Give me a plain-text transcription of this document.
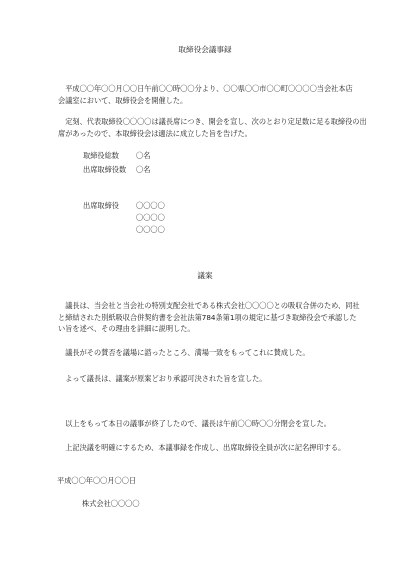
取締役会議事録
　平成〇〇年〇〇月〇〇日午前〇〇時〇〇分より、〇〇県〇〇市〇〇町〇〇〇〇当会社本店
会議室において、取締役会を開催した。
　定刻、代表取締役〇〇〇〇は議長席につき、開会を宣し、次のとおり定足数に足る取締役の出
席があったので、本取締役会は適法に成立した旨を告げた。
取締役総数 〇名
出席取締役数 〇名
出席取締役 〇〇〇〇
〇〇〇〇
〇〇〇〇
議案
　議長は、当会社と当会社の特別支配会社である株式会社〇〇〇〇との吸収合併のため、同社
と締結された別紙吸収合併契約書を会社法第784条第1項の規定に基づき取締役会で承認した
い旨を述べ、その理由を詳細に説明した。
　議長がその賛否を議場に諮ったところ、満場一致をもってこれに賛成した。
　よって議長は、議案が原案どおり承認可決された旨を宣した。
　以上をもって本日の議事が終了したので、議長は午前〇〇時〇〇分閉会を宣した。
　上記決議を明確にするため、本議事録を作成し、出席取締役全員が次に記名押印する。
平成〇〇年〇〇月〇〇日
株式会社〇〇〇〇
